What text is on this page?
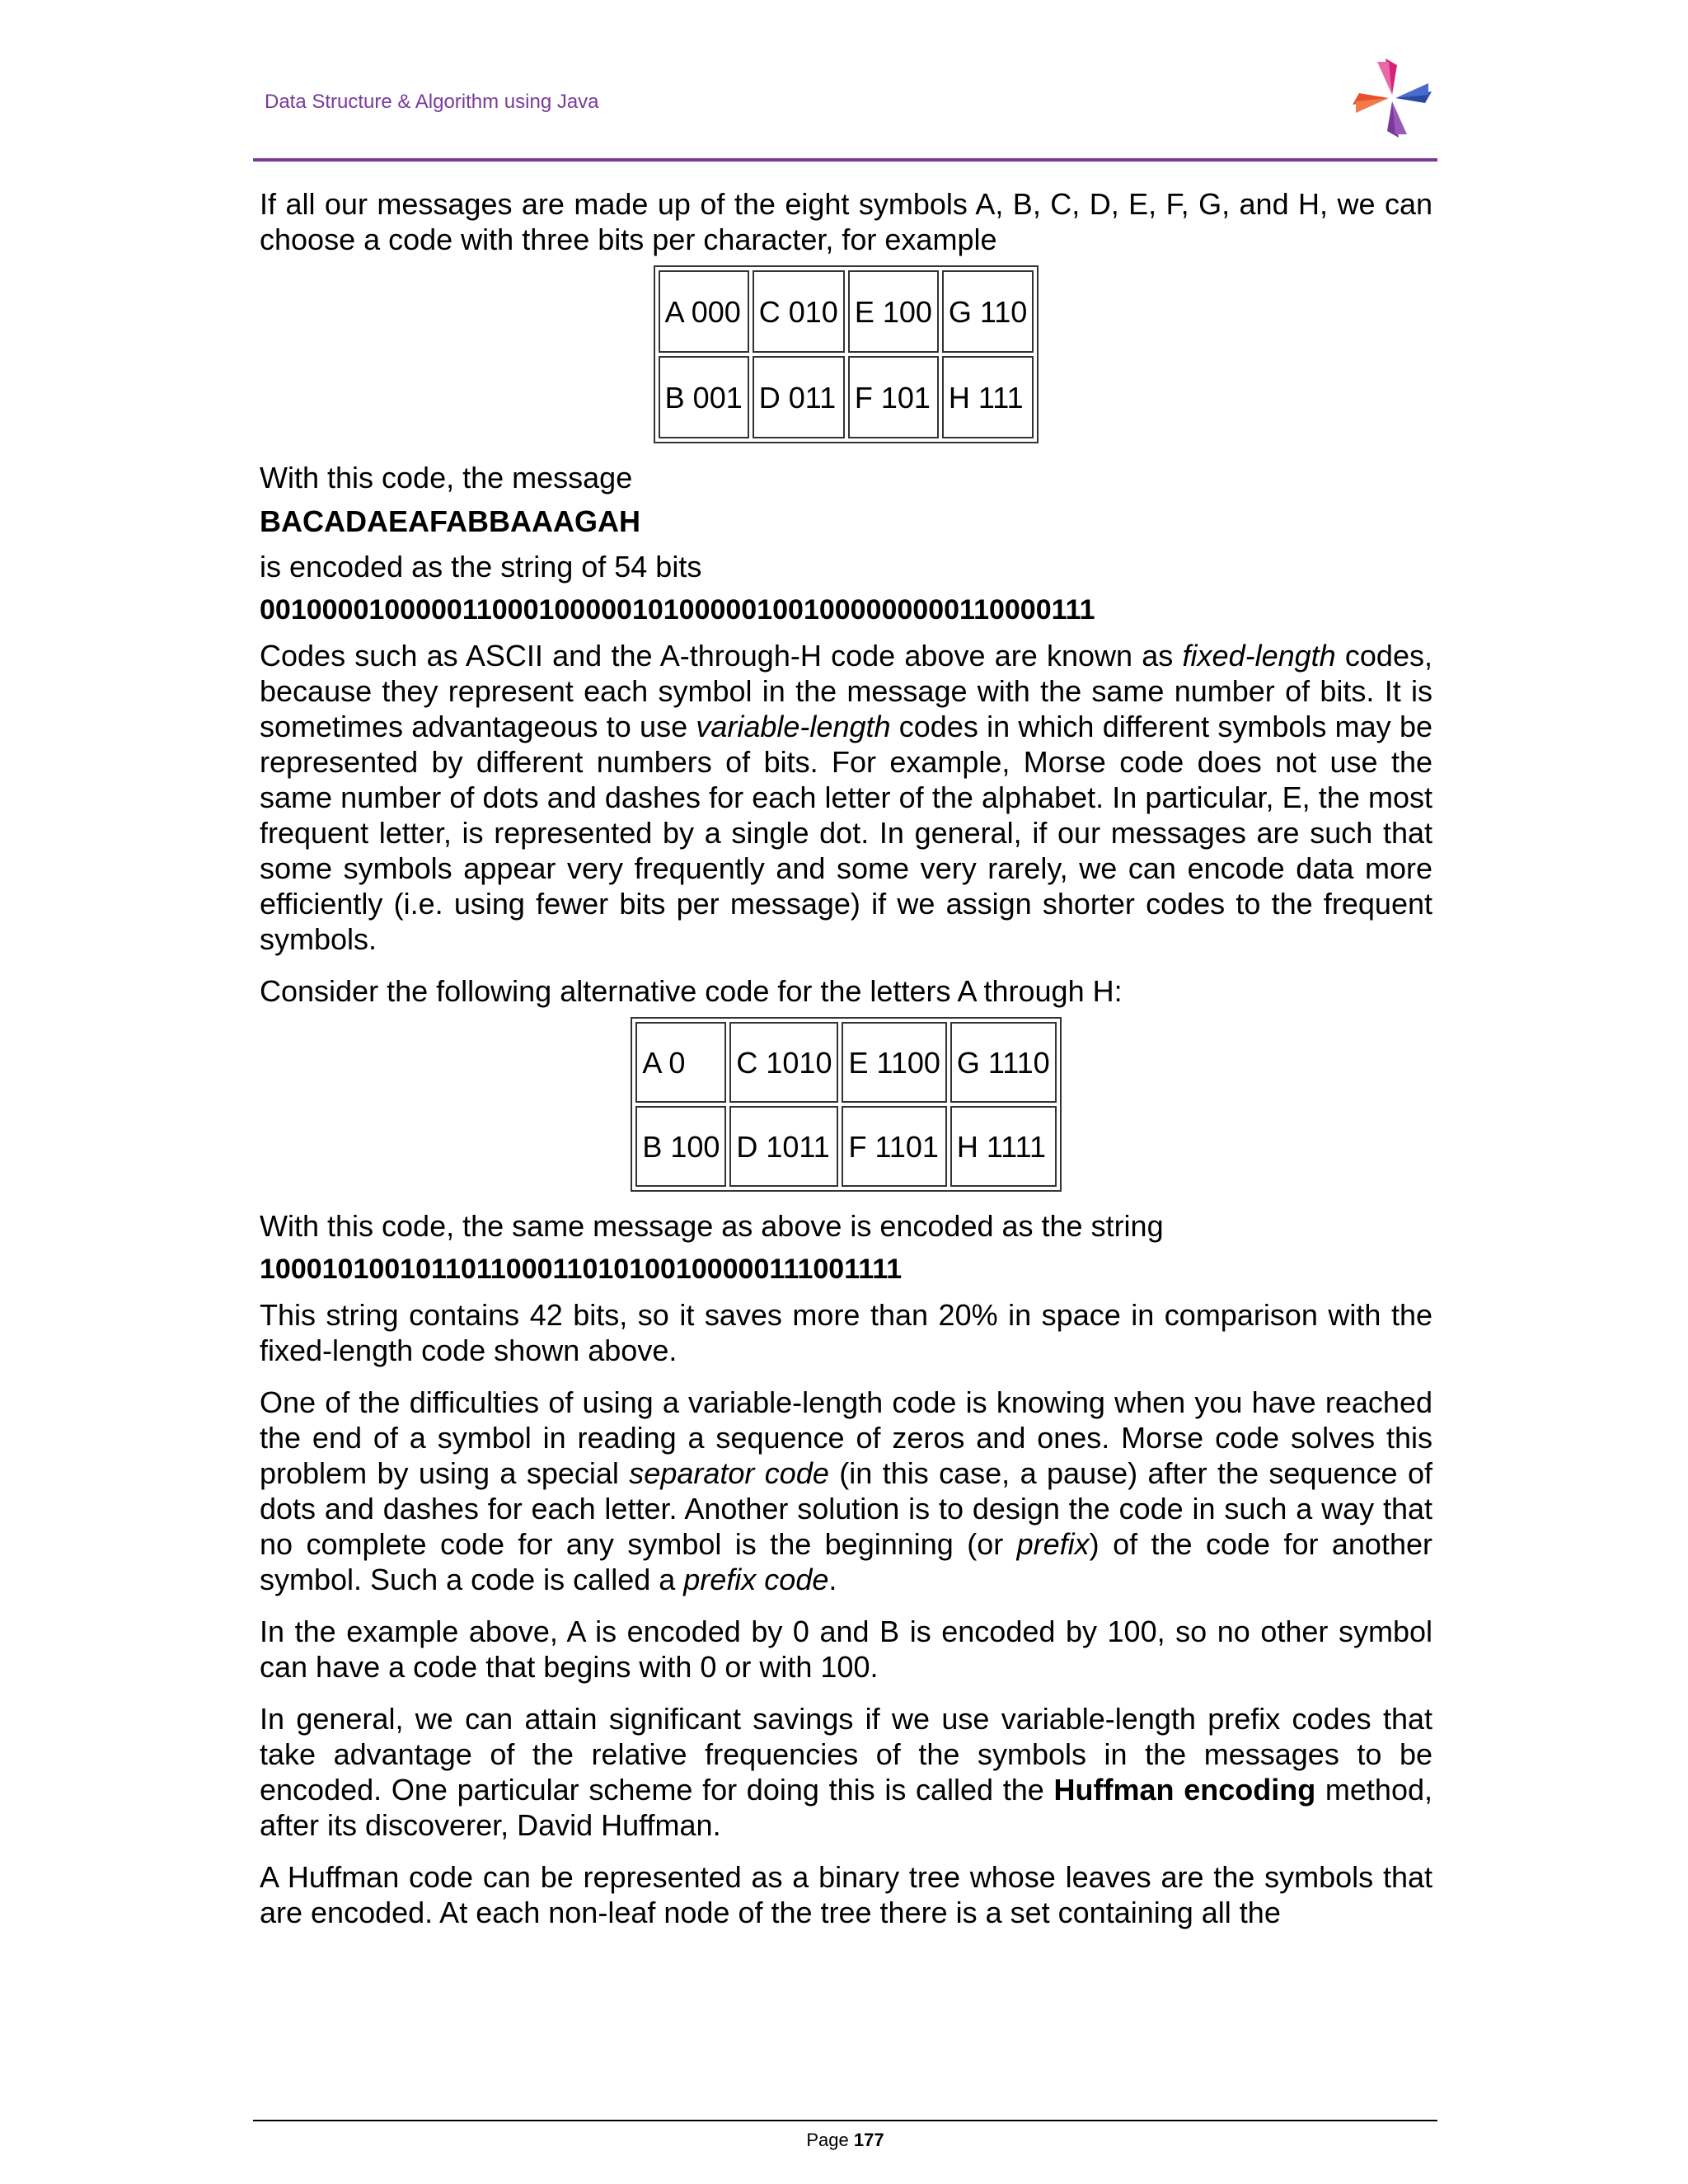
Data Structure & Algorithm using Java

If all our messages are made up of the eight symbols A, B, C, D, E, F, G, and H, we can choose a code with three bits per character, for example

A 000	C 010	E 100	G 110
B 001	D 011	F 101	H 111

With this code, the message

BACADAEAFABBAAAGAH

is encoded as the string of 54 bits

001000010000011000100000101000001001000000000110000111

Codes such as ASCII and the A-through-H code above are known as fixed-length codes, because they represent each symbol in the message with the same number of bits. It is sometimes advantageous to use variable-length codes in which different symbols may be represented by different numbers of bits. For example, Morse code does not use the same number of dots and dashes for each letter of the alphabet. In particular, E, the most frequent letter, is represented by a single dot. In general, if our messages are such that some symbols appear very frequently and some very rarely, we can encode data more efficiently (i.e. using fewer bits per message) if we assign shorter codes to the frequent symbols.

Consider the following alternative code for the letters A through H:

A 0	C 1010	E 1100	G 1110
B 100	D 1011	F 1101	H 1111

With this code, the same message as above is encoded as the string

100010100101101100011010100100000111001111

This string contains 42 bits, so it saves more than 20% in space in comparison with the fixed-length code shown above.

One of the difficulties of using a variable-length code is knowing when you have reached the end of a symbol in reading a sequence of zeros and ones. Morse code solves this problem by using a special separator code (in this case, a pause) after the sequence of dots and dashes for each letter. Another solution is to design the code in such a way that no complete code for any symbol is the beginning (or prefix) of the code for another symbol. Such a code is called a prefix code.

In the example above, A is encoded by 0 and B is encoded by 100, so no other symbol can have a code that begins with 0 or with 100.

In general, we can attain significant savings if we use variable-length prefix codes that take advantage of the relative frequencies of the symbols in the messages to be encoded. One particular scheme for doing this is called the Huffman encoding method, after its discoverer, David Huffman.

A Huffman code can be represented as a binary tree whose leaves are the symbols that are encoded. At each non-leaf node of the tree there is a set containing all the

Page 177
